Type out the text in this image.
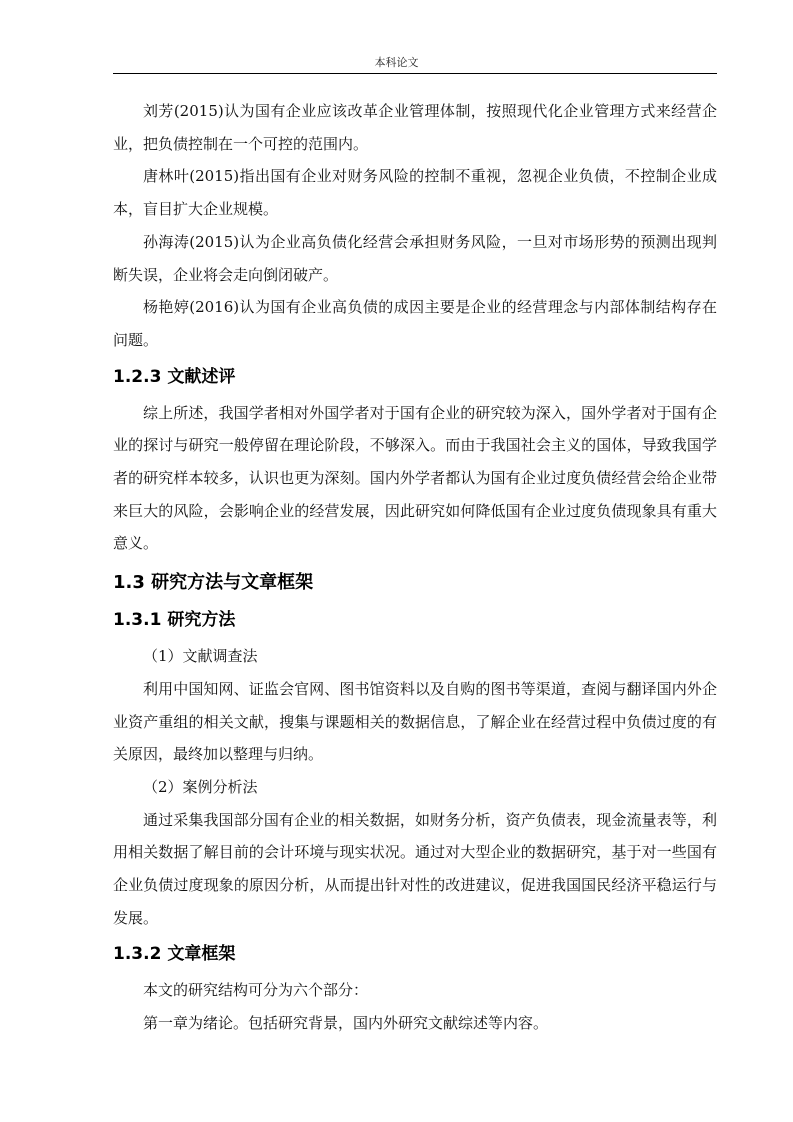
本科论文

刘芳(2015)认为国有企业应该改革企业管理体制，按照现代化企业管理方式来经营企业，把负债控制在一个可控的范围内。

唐林叶(2015)指出国有企业对财务风险的控制不重视，忽视企业负债，不控制企业成本，盲目扩大企业规模。

孙海涛(2015)认为企业高负债化经营会承担财务风险，一旦对市场形势的预测出现判断失误，企业将会走向倒闭破产。

杨艳婷(2016)认为国有企业高负债的成因主要是企业的经营理念与内部体制结构存在问题。

1.2.3 文献述评

综上所述，我国学者相对外国学者对于国有企业的研究较为深入，国外学者对于国有企业的探讨与研究一般停留在理论阶段，不够深入。而由于我国社会主义的国体，导致我国学者的研究样本较多，认识也更为深刻。国内外学者都认为国有企业过度负债经营会给企业带来巨大的风险，会影响企业的经营发展，因此研究如何降低国有企业过度负债现象具有重大意义。

1.3 研究方法与文章框架
1.3.1 研究方法
（1）文献调查法

利用中国知网、证监会官网、图书馆资料以及自购的图书等渠道，查阅与翻译国内外企业资产重组的相关文献，搜集与课题相关的数据信息，了解企业在经营过程中负债过度的有关原因，最终加以整理与归纳。

（2）案例分析法

通过采集我国部分国有企业的相关数据，如财务分析，资产负债表，现金流量表等，利用相关数据了解目前的会计环境与现实状况。通过对大型企业的数据研究，基于对一些国有企业负债过度现象的原因分析，从而提出针对性的改进建议，促进我国国民经济平稳运行与发展。

1.3.2 文章框架

本文的研究结构可分为六个部分：

第一章为绪论。包括研究背景，国内外研究文献综述等内容。
